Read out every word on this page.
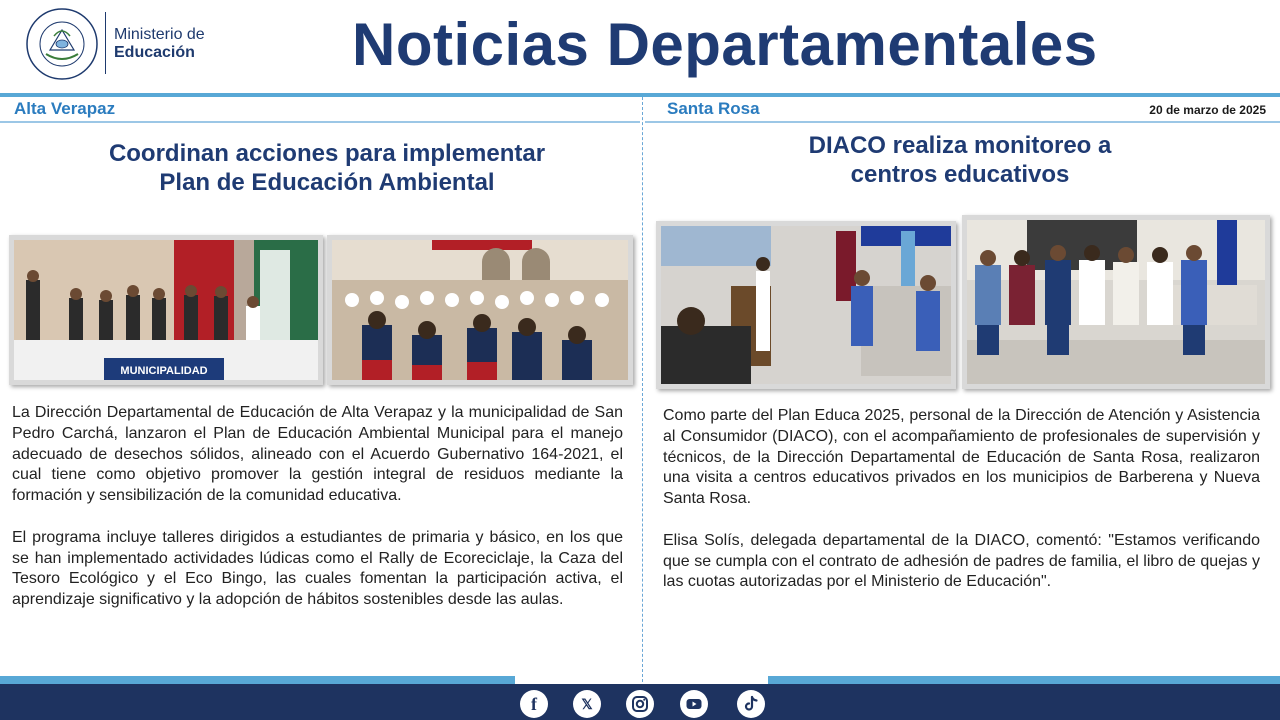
Ministerio de
Educación	Noticias Departamentales
Alta Verapaz	Santa Rosa	20 de marzo de 2025
Coordinan acciones para implementar
Plan de Educación Ambiental
DIACO realiza monitoreo a
centros educativos
MUNICIPALIDAD

La Dirección Departamental de Educación de Alta Verapaz y la municipalidad de San Pedro Carchá, lanzaron el Plan de Educación Ambiental Municipal para el manejo adecuado de desechos sólidos, alineado con el Acuerdo Gubernativo 164-2021, el cual tiene como objetivo promover la gestión integral de residuos mediante la formación y sensibilización de la comunidad educativa.

El programa incluye talleres dirigidos a estudiantes de primaria y básico, en los que se han implementado actividades lúdicas como el Rally de Ecoreciclaje, la Caza del Tesoro Ecológico y el Eco Bingo, las cuales fomentan la participación activa, el aprendizaje significativo y la adopción de hábitos sostenibles desde las aulas.

Como parte del Plan Educa 2025, personal de la Dirección de Atención y Asistencia al Consumidor (DIACO), con el acompañamiento de profesionales de supervisión y técnicos, de la Dirección Departamental de Educación de Santa Rosa, realizaron una visita a centros educativos privados en los municipios de Barberena y Nueva Santa Rosa.

Elisa Solís, delegada departamental de la DIACO, comentó: "Estamos verificando que se cumpla con el contrato de adhesión de padres de familia, el libro de quejas y las cuotas autorizadas por el Ministerio de Educación".

f	𝕏
